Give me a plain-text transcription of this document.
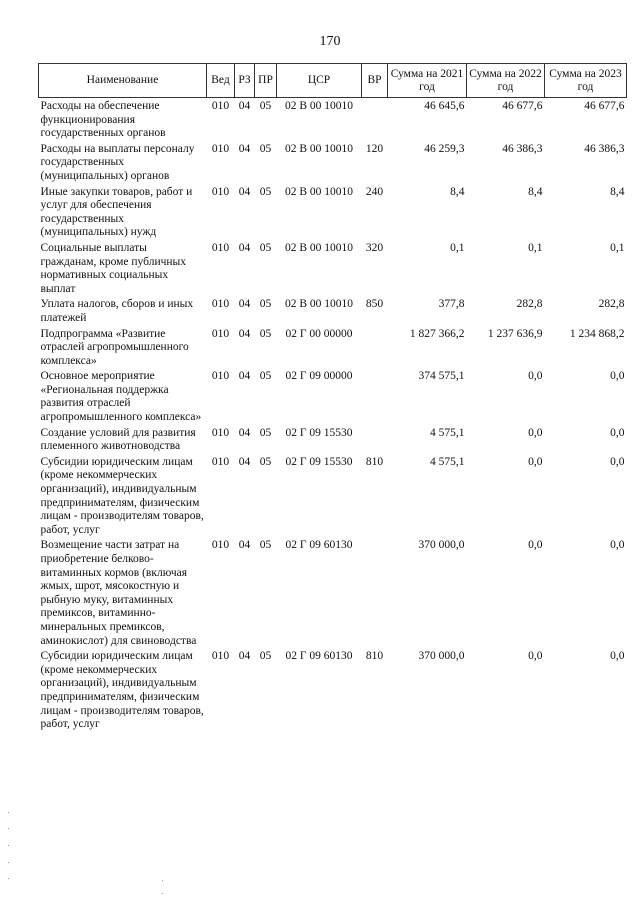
170
Наименование	Вед	РЗ	ПР	ЦСР	ВР	Сумма на 2021 год	Сумма на 2022 год	Сумма на 2023 год
Расходы на обеспечение функционирования государственных органов	010	04	05	02 В 00 10010		46 645,6	46 677,6	46 677,6
Расходы на выплаты персоналу государственных (муниципальных) органов	010	04	05	02 В 00 10010	120	46 259,3	46 386,3	46 386,3
Иные закупки товаров, работ и услуг для обеспечения государственных (муниципальных) нужд	010	04	05	02 В 00 10010	240	8,4	8,4	8,4
Социальные выплаты гражданам, кроме публичных нормативных социальных выплат	010	04	05	02 В 00 10010	320	0,1	0,1	0,1
Уплата налогов, сборов и иных платежей	010	04	05	02 В 00 10010	850	377,8	282,8	282,8
Подпрограмма «Развитие отраслей агропромышленного комплекса»	010	04	05	02 Г 00 00000		1 827 366,2	1 237 636,9	1 234 868,2
Основное мероприятие «Региональная поддержка развития отраслей агропромышленного комплекса»	010	04	05	02 Г 09 00000		374 575,1	0,0	0,0
Создание условий для развития племенного животноводства	010	04	05	02 Г 09 15530		4 575,1	0,0	0,0
Субсидии юридическим лицам (кроме некоммерческих организаций), индивидуальным предпринимателям, физическим лицам - производителям товаров, работ, услуг	010	04	05	02 Г 09 15530	810	4 575,1	0,0	0,0
Возмещение части затрат на приобретение белково-витаминных кормов (включая жмых, шрот, мясокостную и рыбную муку, витаминных премиксов, витаминно-минеральных премиксов, аминокислот) для свиноводства	010	04	05	02 Г 09 60130		370 000,0	0,0	0,0
Субсидии юридическим лицам (кроме некоммерческих организаций), индивидуальным предпринимателям, физическим лицам - производителям товаров, работ, услуг	010	04	05	02 Г 09 60130	810	370 000,0	0,0	0,0
